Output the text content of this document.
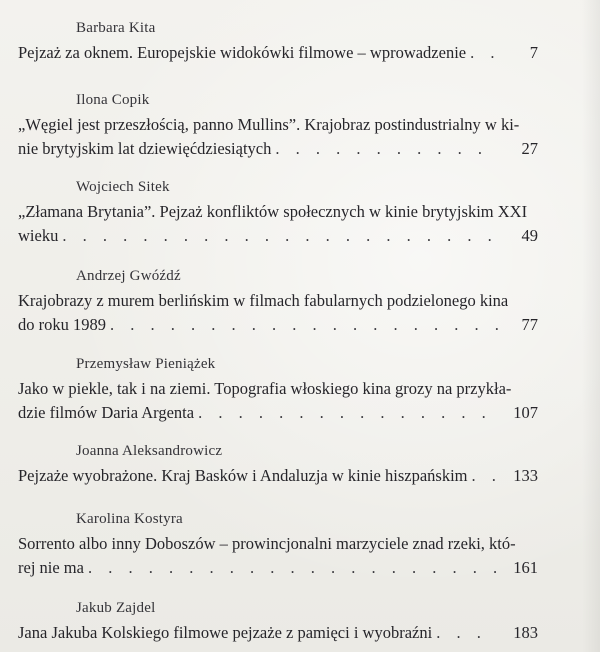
Barbara Kita
Pejzaż za oknem. Europejskie widokówki filmowe – wprowadzenie . . .	7
Ilona Copik
„Węgiel jest przeszłością, panno Mullins”. Krajobraz postindustrialny w ki-
nie brytyjskim lat dziewięćdziesiątych . . .	27
Wojciech Sitek
„Złamana Brytania”. Pejzaż konfliktów społecznych w kinie brytyjskim XXI
wieku . . .	49
Andrzej Gwóźdź
Krajobrazy z murem berlińskim w filmach fabularnych podzielonego kina
do roku 1989 . . .	77
Przemysław Pieniążek
Jako w piekle, tak i na ziemi. Topografia włoskiego kina grozy na przykła-
dzie filmów Daria Argenta . . .	107
Joanna Aleksandrowicz
Pejzaże wyobrażone. Kraj Basków i Andaluzja w kinie hiszpańskim . . .	133
Karolina Kostyra
Sorrento albo inny Doboszów – prowincjonalni marzyciele znad rzeki, któ-
rej nie ma . . .	161
Jakub Zajdel
Jana Jakuba Kolskiego filmowe pejzaże z pamięci i wyobraźni . . .	183
